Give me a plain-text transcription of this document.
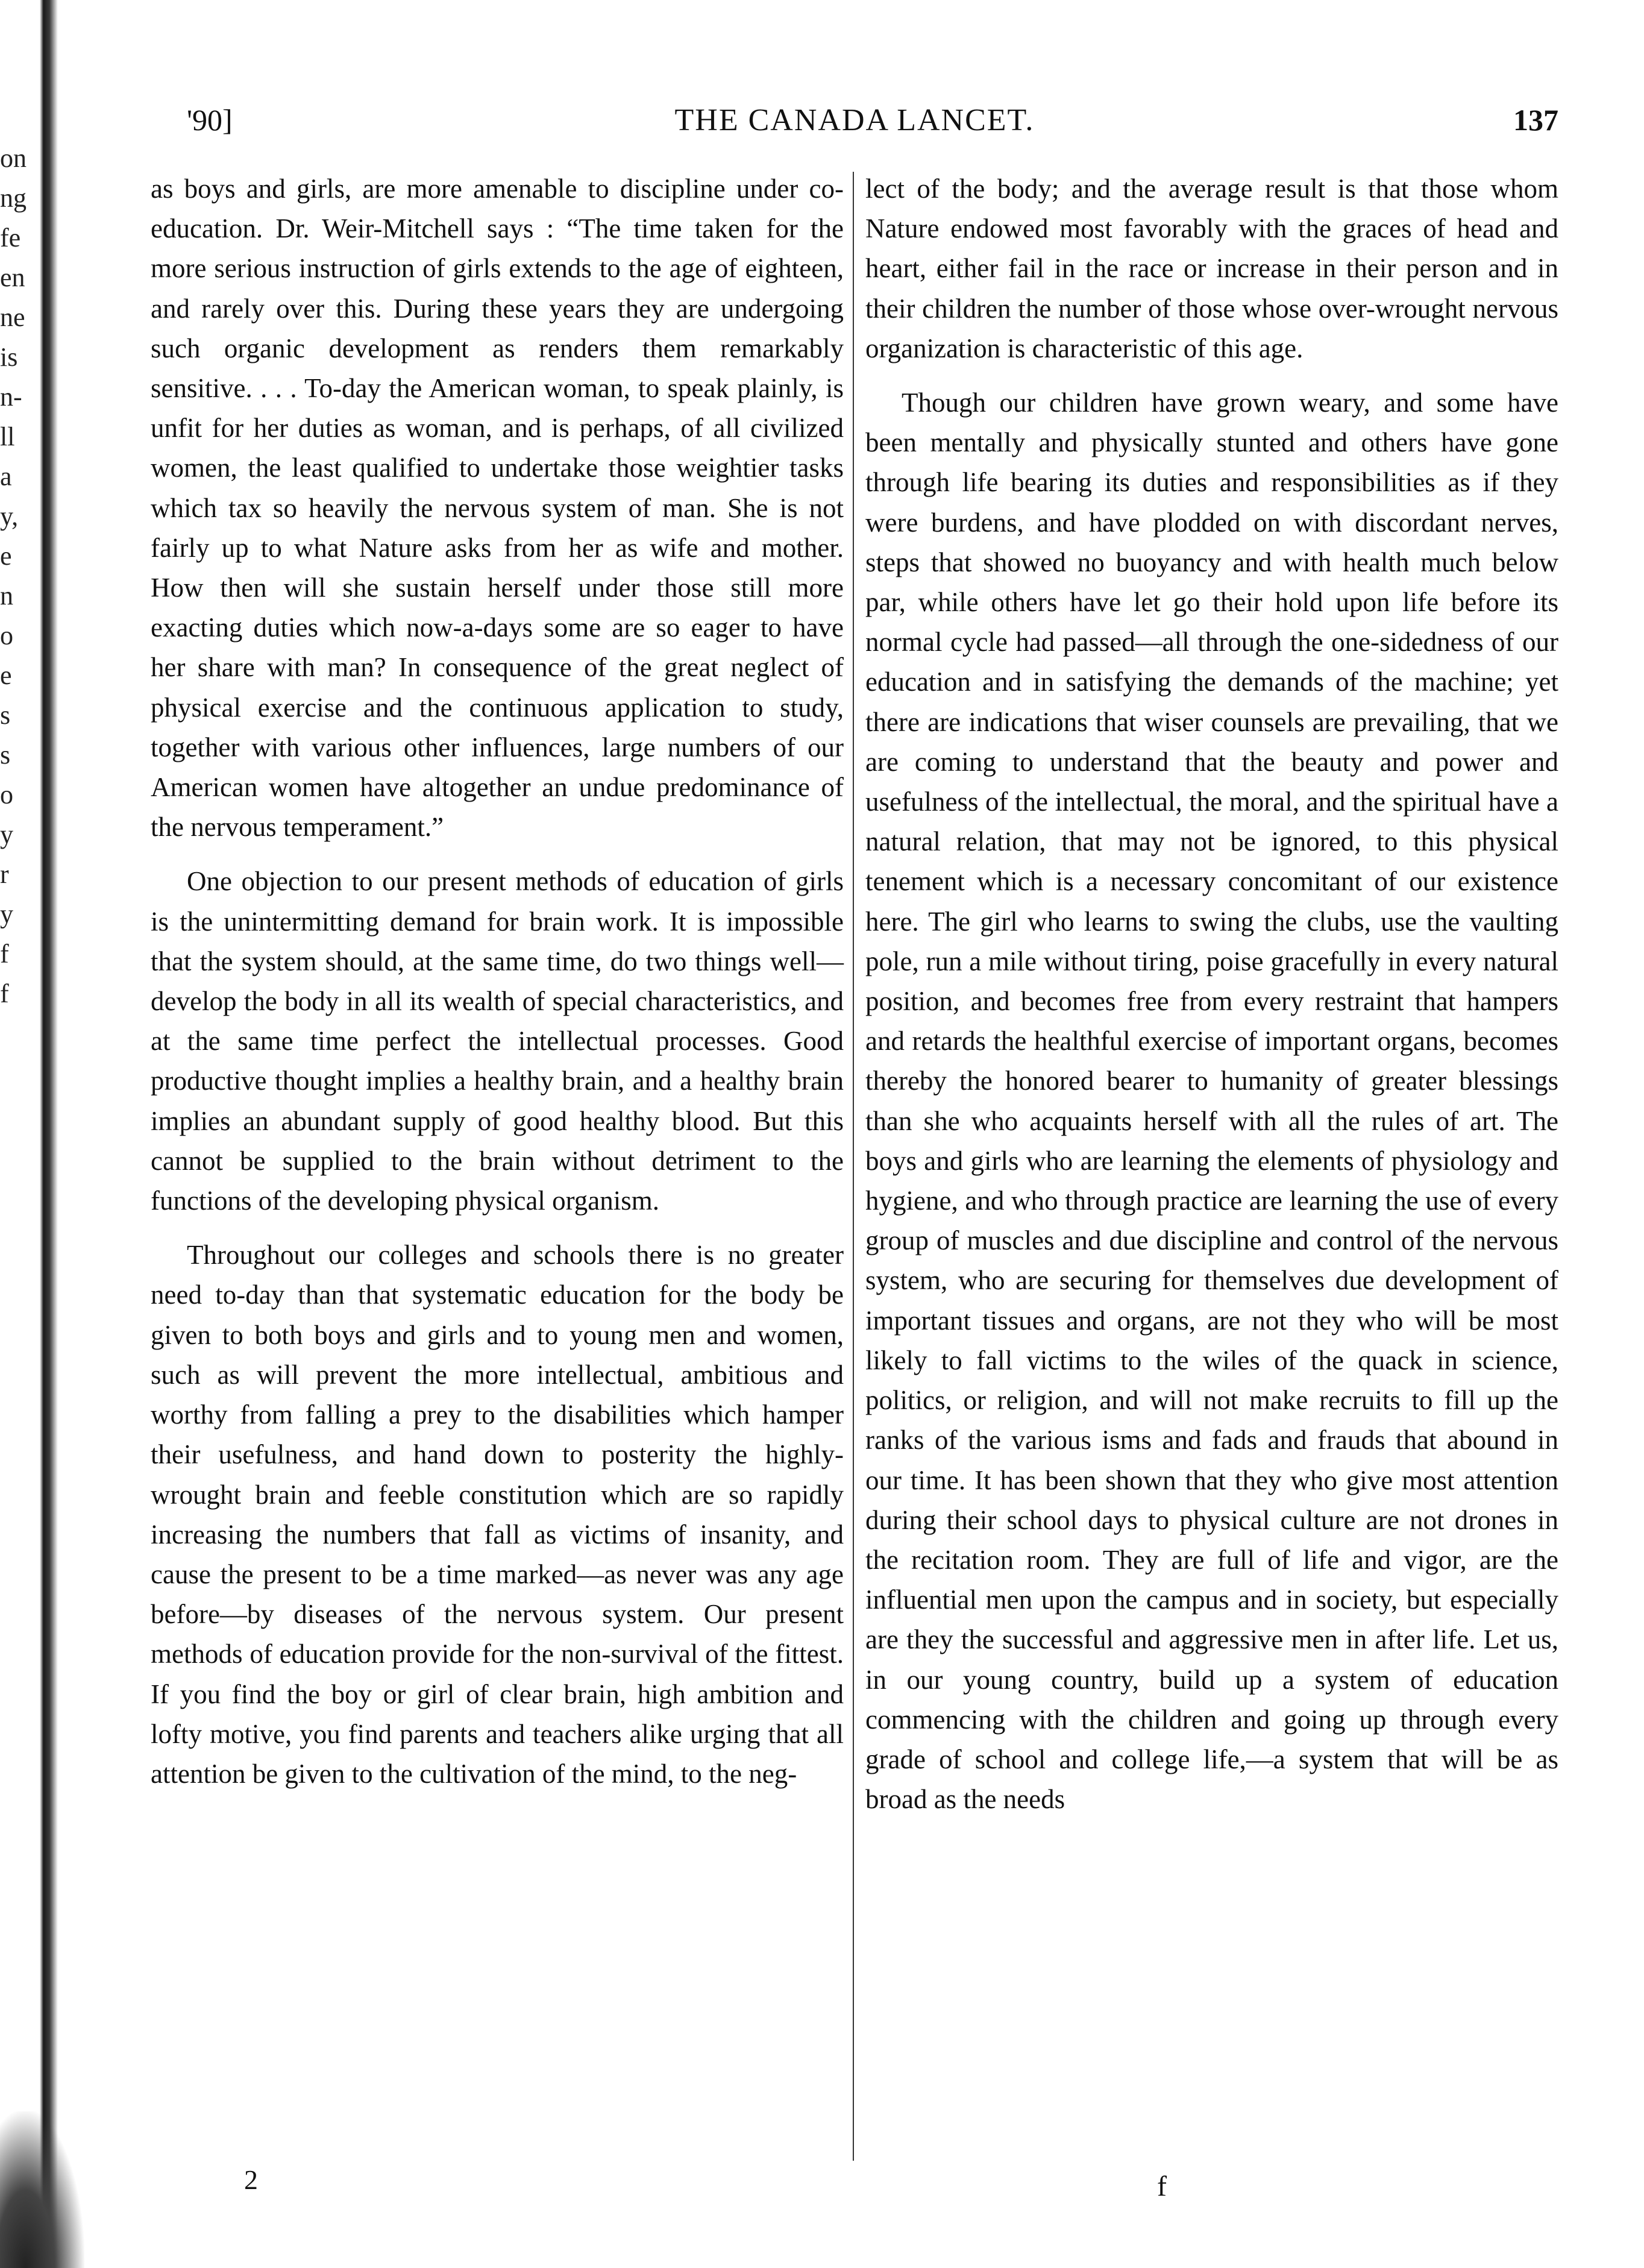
on
ng
fe
en
ne
is
n-
ll
a
y,
e
n
o
e
s
s
o
y
r
y
f
f
'90]	THE CANADA LANCET.	137

as boys and girls, are more amenable to discipline under co-education. Dr. Weir-Mitchell says : “The time taken for the more serious instruction of girls extends to the age of eighteen, and rarely over this. During these years they are undergoing such organic development as renders them remarkably sensitive. . . . To-day the American woman, to speak plainly, is unfit for her duties as woman, and is perhaps, of all civilized women, the least qualified to undertake those weightier tasks which tax so heavily the nervous system of man. She is not fairly up to what Nature asks from her as wife and mother. How then will she sustain herself under those still more exacting duties which now-a-days some are so eager to have her share with man? In consequence of the great neglect of physical exercise and the continuous application to study, together with various other influences, large numbers of our American women have altogether an undue predominance of the nervous temperament.”

One objection to our present methods of education of girls is the unintermitting demand for brain work. It is impossible that the system should, at the same time, do two things well—develop the body in all its wealth of special characteristics, and at the same time perfect the intellectual processes. Good productive thought implies a healthy brain, and a healthy brain implies an abundant supply of good healthy blood. But this cannot be supplied to the brain without detriment to the functions of the developing physical organism.

Throughout our colleges and schools there is no greater need to-day than that systematic education for the body be given to both boys and girls and to young men and women, such as will prevent the more intellectual, ambitious and worthy from falling a prey to the disabilities which hamper their usefulness, and hand down to posterity the highly-wrought brain and feeble constitution which are so rapidly increasing the numbers that fall as victims of insanity, and cause the present to be a time marked—as never was any age before—by diseases of the nervous system. Our present methods of education provide for the non-survival of the fittest. If you find the boy or girl of clear brain, high ambition and lofty motive, you find parents and teachers alike urging that all attention be given to the cultivation of the mind, to the neg-

lect of the body; and the average result is that those whom Nature endowed most favorably with the graces of head and heart, either fail in the race or increase in their person and in their children the number of those whose over-wrought nervous organization is characteristic of this age.

Though our children have grown weary, and some have been mentally and physically stunted and others have gone through life bearing its duties and responsibilities as if they were burdens, and have plodded on with discordant nerves, steps that showed no buoyancy and with health much below par, while others have let go their hold upon life before its normal cycle had passed—all through the one-sidedness of our education and in satisfying the demands of the machine; yet there are indications that wiser counsels are prevailing, that we are coming to understand that the beauty and power and usefulness of the intellectual, the moral, and the spiritual have a natural relation, that may not be ignored, to this physical tenement which is a necessary concomitant of our existence here. The girl who learns to swing the clubs, use the vaulting pole, run a mile without tiring, poise gracefully in every natural position, and becomes free from every restraint that hampers and retards the healthful exercise of important organs, becomes thereby the honored bearer to humanity of greater blessings than she who acquaints herself with all the rules of art. The boys and girls who are learning the elements of physiology and hygiene, and who through practice are learning the use of every group of muscles and due discipline and control of the nervous system, who are securing for themselves due development of important tissues and organs, are not they who will be most likely to fall victims to the wiles of the quack in science, politics, or religion, and will not make recruits to fill up the ranks of the various isms and fads and frauds that abound in our time. It has been shown that they who give most attention during their school days to physical culture are not drones in the recitation room. They are full of life and vigor, are the influential men upon the campus and in society, but especially are they the successful and aggressive men in after life. Let us, in our young country, build up a system of education commencing with the children and going up through every grade of school and college life,—a system that will be as broad as the needs

2	f
